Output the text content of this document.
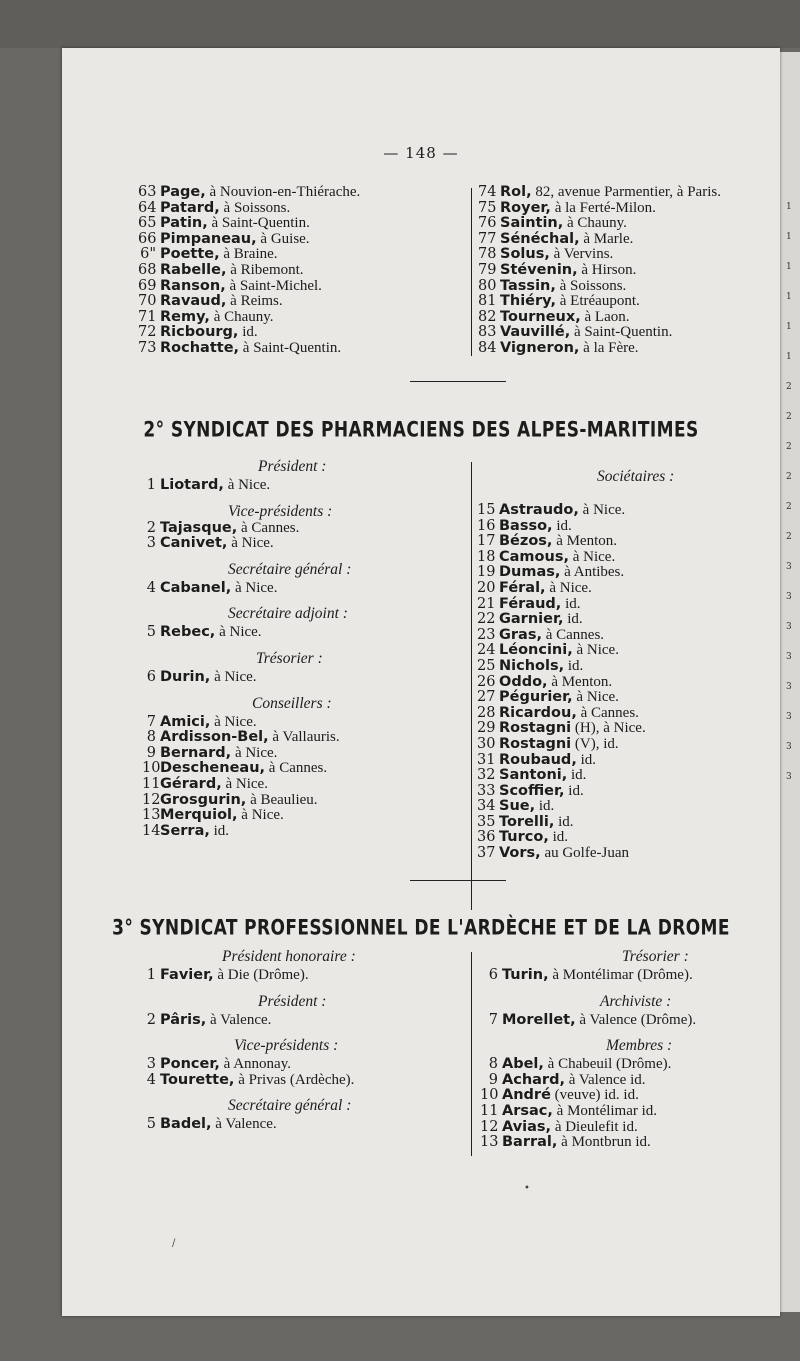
1
1
1
1
1
1
2
2
2
2
2
2
3
3
3
3
3
3
3
3
— 148 —
63 Page, à Nouvion-en-Thiérache.
64 Patard, à Soissons.
65 Patin, à Saint-Quentin.
66 Pimpaneau, à Guise.
6" Poette, à Braine.
68 Rabelle, à Ribemont.
69 Ranson, à Saint-Michel.
70 Ravaud, à Reims.
71 Remy, à Chauny.
72 Ricbourg, id.
73 Rochatte, à Saint-Quentin.
74 Rol, 82, avenue Parmentier, à Paris.
75 Royer, à la Ferté-Milon.
76 Saintin, à Chauny.
77 Sénéchal, à Marle.
78 Solus, à Vervins.
79 Stévenin, à Hirson.
80 Tassin, à Soissons.
81 Thiéry, à Etréaupont.
82 Tourneux, à Laon.
83 Vauvillé, à Saint-Quentin.
84 Vigneron, à la Fère.
2° SYNDICAT DES PHARMACIENS DES ALPES-MARITIMES
Président :
1 Liotard, à Nice.
Vice-présidents :
2 Tajasque, à Cannes.
3 Canivet, à Nice.
Secrétaire général :
4 Cabanel, à Nice.
Secrétaire adjoint :
5 Rebec, à Nice.
Trésorier :
6 Durin, à Nice.
Conseillers :
7 Amici, à Nice.
8 Ardisson-Bel, à Vallauris.
9 Bernard, à Nice.
10Descheneau, à Cannes.
11Gérard, à Nice.
12Grosgurin, à Beaulieu.
13Merquiol, à Nice.
14Serra, id.
Sociétaires :
15 Astraudo, à Nice.
16 Basso, id.
17 Bézos, à Menton.
18 Camous, à Nice.
19 Dumas, à Antibes.
20 Féral, à Nice.
21 Féraud, id.
22 Garnier, id.
23 Gras, à Cannes.
24 Léoncini, à Nice.
25 Nichols, id.
26 Oddo, à Menton.
27 Pégurier, à Nice.
28 Ricardou, à Cannes.
29 Rostagni (H), à Nice.
30 Rostagni (V), id.
31 Roubaud, id.
32 Santoni, id.
33 Scoffier, id.
34 Sue, id.
35 Torelli, id.
36 Turco, id.
37 Vors, au Golfe-Juan
3° SYNDICAT PROFESSIONNEL DE L'ARDÈCHE ET DE LA DROME
Président honoraire :
1 Favier, à Die (Drôme).
Président :
2 Pâris, à Valence.
Vice-présidents :
3 Poncer, à Annonay.
4 Tourette, à Privas (Ardèche).
Secrétaire général :
5 Badel, à Valence.
Trésorier :
6 Turin, à Montélimar (Drôme).
Archiviste :
7 Morellet, à Valence (Drôme).
Membres :
8 Abel, à Chabeuil (Drôme).
9 Achard, à Valence id.
10 André (veuve) id. id.
11 Arsac, à Montélimar id.
12 Avias, à Dieulefit id.
13 Barral, à Montbrun id.
•
/
